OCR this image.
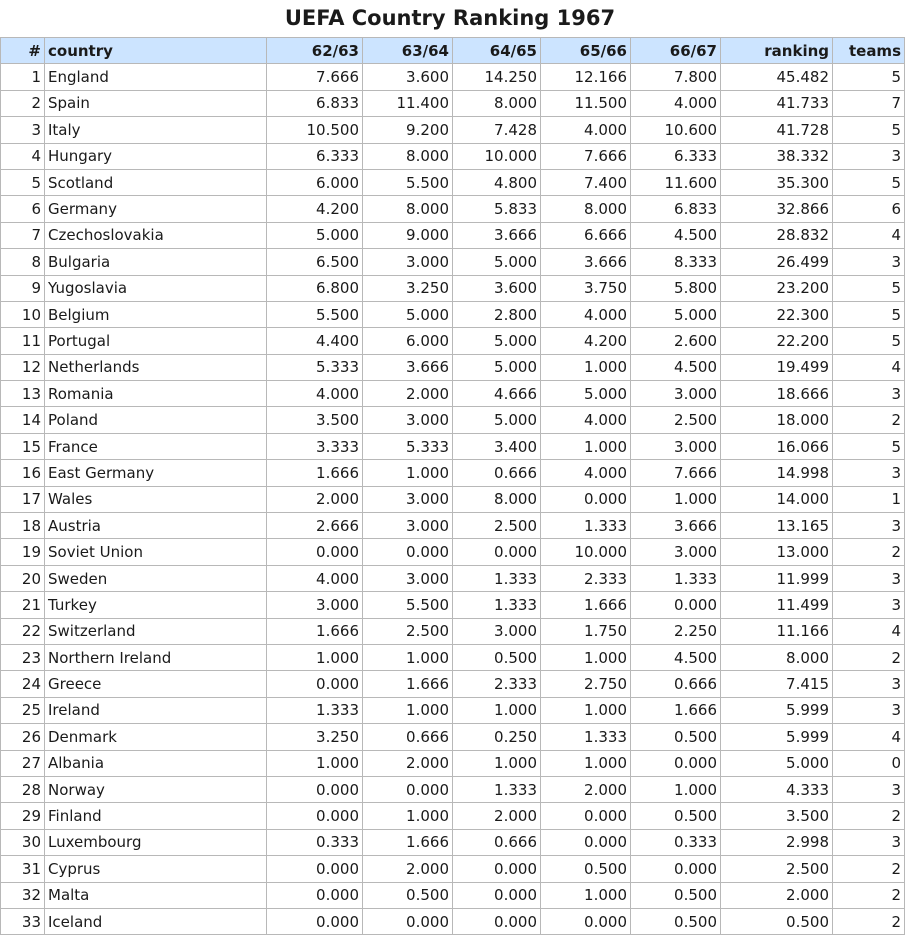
UEFA Country Ranking 1967
#	country	62/63	63/64	64/65	65/66	66/67	ranking	teams
1	England	7.666	3.600	14.250	12.166	7.800	45.482	5
2	Spain	6.833	11.400	8.000	11.500	4.000	41.733	7
3	Italy	10.500	9.200	7.428	4.000	10.600	41.728	5
4	Hungary	6.333	8.000	10.000	7.666	6.333	38.332	3
5	Scotland	6.000	5.500	4.800	7.400	11.600	35.300	5
6	Germany	4.200	8.000	5.833	8.000	6.833	32.866	6
7	Czechoslovakia	5.000	9.000	3.666	6.666	4.500	28.832	4
8	Bulgaria	6.500	3.000	5.000	3.666	8.333	26.499	3
9	Yugoslavia	6.800	3.250	3.600	3.750	5.800	23.200	5
10	Belgium	5.500	5.000	2.800	4.000	5.000	22.300	5
11	Portugal	4.400	6.000	5.000	4.200	2.600	22.200	5
12	Netherlands	5.333	3.666	5.000	1.000	4.500	19.499	4
13	Romania	4.000	2.000	4.666	5.000	3.000	18.666	3
14	Poland	3.500	3.000	5.000	4.000	2.500	18.000	2
15	France	3.333	5.333	3.400	1.000	3.000	16.066	5
16	East Germany	1.666	1.000	0.666	4.000	7.666	14.998	3
17	Wales	2.000	3.000	8.000	0.000	1.000	14.000	1
18	Austria	2.666	3.000	2.500	1.333	3.666	13.165	3
19	Soviet Union	0.000	0.000	0.000	10.000	3.000	13.000	2
20	Sweden	4.000	3.000	1.333	2.333	1.333	11.999	3
21	Turkey	3.000	5.500	1.333	1.666	0.000	11.499	3
22	Switzerland	1.666	2.500	3.000	1.750	2.250	11.166	4
23	Northern Ireland	1.000	1.000	0.500	1.000	4.500	8.000	2
24	Greece	0.000	1.666	2.333	2.750	0.666	7.415	3
25	Ireland	1.333	1.000	1.000	1.000	1.666	5.999	3
26	Denmark	3.250	0.666	0.250	1.333	0.500	5.999	4
27	Albania	1.000	2.000	1.000	1.000	0.000	5.000	0
28	Norway	0.000	0.000	1.333	2.000	1.000	4.333	3
29	Finland	0.000	1.000	2.000	0.000	0.500	3.500	2
30	Luxembourg	0.333	1.666	0.666	0.000	0.333	2.998	3
31	Cyprus	0.000	2.000	0.000	0.500	0.000	2.500	2
32	Malta	0.000	0.500	0.000	1.000	0.500	2.000	2
33	Iceland	0.000	0.000	0.000	0.000	0.500	0.500	2
